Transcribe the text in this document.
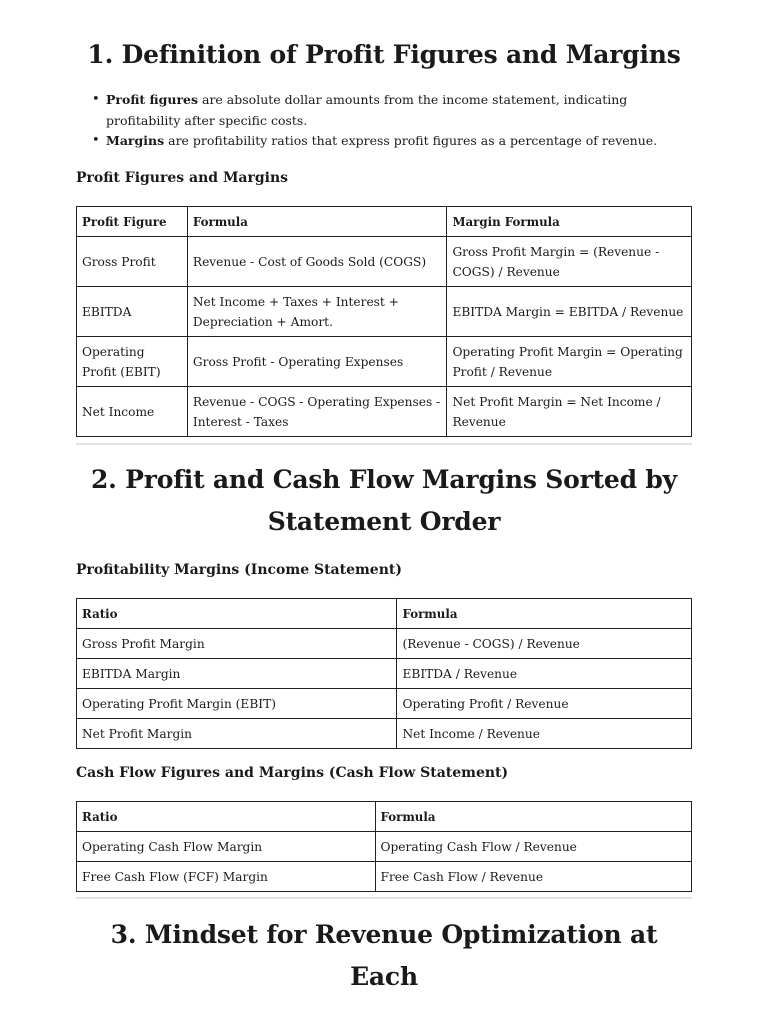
1. Definition of Profit Figures and Margins
• Profit figures are absolute dollar amounts from the income statement, indicating profitability after specific costs.
• Margins are profitability ratios that express profit figures as a percentage of revenue.
Profit Figures and Margins
Profit Figure	Formula	Margin Formula
Gross Profit	Revenue - Cost of Goods Sold (COGS)	Gross Profit Margin = (Revenue - COGS) / Revenue
EBITDA	Net Income + Taxes + Interest + Depreciation + Amort.	EBITDA Margin = EBITDA / Revenue
Operating Profit (EBIT)	Gross Profit - Operating Expenses	Operating Profit Margin = Operating Profit / Revenue
Net Income	Revenue - COGS - Operating Expenses - Interest - Taxes	Net Profit Margin = Net Income / Revenue
2. Profit and Cash Flow Margins Sorted by Statement Order
Profitability Margins (Income Statement)
Ratio	Formula
Gross Profit Margin	(Revenue - COGS) / Revenue
EBITDA Margin	EBITDA / Revenue
Operating Profit Margin (EBIT)	Operating Profit / Revenue
Net Profit Margin	Net Income / Revenue
Cash Flow Figures and Margins (Cash Flow Statement)
Ratio	Formula
Operating Cash Flow Margin	Operating Cash Flow / Revenue
Free Cash Flow (FCF) Margin	Free Cash Flow / Revenue
3. Mindset for Revenue Optimization at Each
